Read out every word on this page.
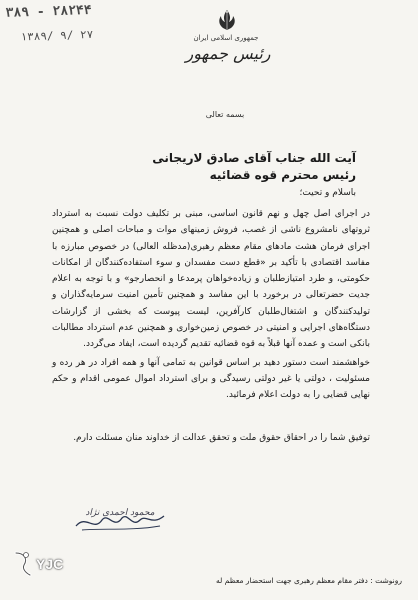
۳۸۹ - ۲۸۲۴۴
۱۳۸۹/ ۹/ ۲۷	جمهوری اسلامی ایران
رئیس جمهور
بسمه تعالی
آیت الله جناب آقای صادق لاریجانی
رئیس محترم قوه قضائیه
باسلام و تحیت؛

در اجرای اصل چهل و نهم قانون اساسی، مبنی بر تکلیف دولت نسبت به استرداد ثروتهای نامشروع ناشی از غصب، فروش زمینهای موات و مباحات اصلی و همچنین اجرای فرمان هشت مادهای مقام معظم رهبری(مدظله العالی) در خصوص مبارزه با مفاسد اقتصادی با تأکید بر «قطع دست مفسدان و سوء استفاده‌کنندگان از امکانات حکومتی، و طرد امتیازطلبان و زیاده‌خواهان پرمدعا و انحصارجو» و با توجه به اعلام جدیت حضرتعالی در برخورد با این مفاسد و همچنین تأمین امنیت سرمایه‌گذاران و تولیدکنندگان و اشتغال‌طلبان کارآفرین، لیست پیوست که بخشی از گزارشات دستگاه‌های اجرایی و امنیتی در خصوص زمین‌خواری و همچنین عدم استرداد مطالبات بانکی است و عمده آنها قبلاً به قوه قضائیه تقدیم گردیده است، ایفاد می‌گردد.

خواهشمند است دستور دهید بر اساس قوانین به تمامی آنها و همه افراد در هر رده و مسئولیت ، دولتی یا غیر دولتی رسیدگی و برای استرداد اموال عمومی اقدام و حکم نهایی قضایی را به دولت اعلام فرمائید.

توفیق شما را در احقاق حقوق ملت و تحقق عدالت از خداوند منان مسئلت دارم.
محمود احمدی نژاد
YJC
رونوشت : دفتر مقام معظم رهبری جهت استحضار معظم له
